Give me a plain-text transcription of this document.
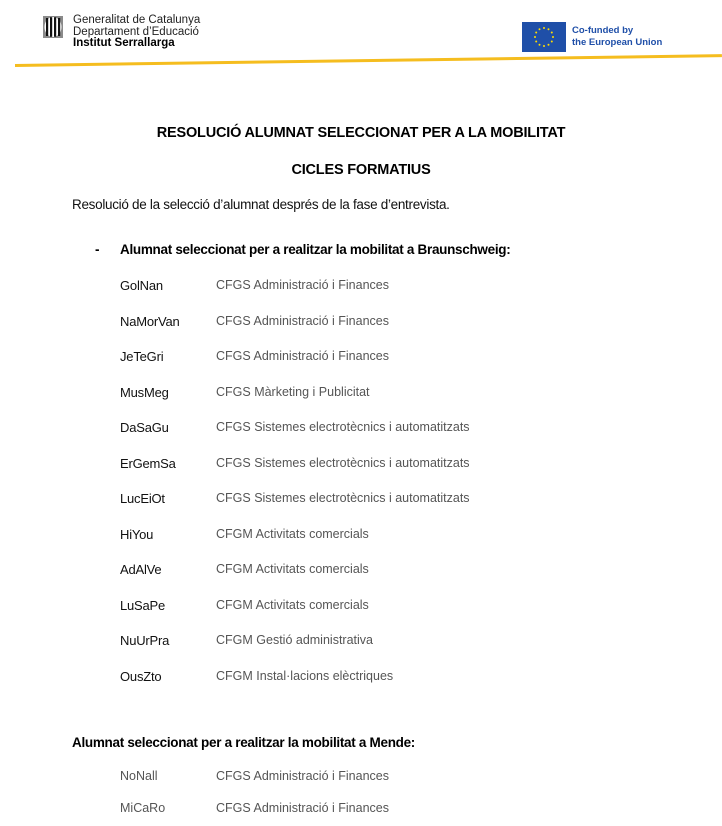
Generalitat de Catalunya
Departament d’Educació
Institut Serrallarga
Co-funded by
the European Union
RESOLUCIÓ ALUMNAT SELECCIONAT PER A LA MOBILITAT
CICLES FORMATIUS
Resolució de la selecció d’alumnat després de la fase d’entrevista.
- Alumnat seleccionat per a realitzar la mobilitat a Braunschweig:
GolNan	CFGS Administració i Finances
NaMorVan	CFGS Administració i Finances
JeTeGri	CFGS Administració i Finances
MusMeg	CFGS Màrketing i Publicitat
DaSaGu	CFGS Sistemes electrotècnics i automatitzats
ErGemSa	CFGS Sistemes electrotècnics i automatitzats
LucEiOt	CFGS Sistemes electrotècnics i automatitzats
HiYou	CFGM Activitats comercials
AdAlVe	CFGM Activitats comercials
LuSaPe	CFGM Activitats comercials
NuUrPra	CFGM Gestió administrativa
OusZto	CFGM Instal·lacions elèctriques
Alumnat seleccionat per a realitzar la mobilitat a Mende:
NoNall	CFGS Administració i Finances
MiCaRo	CFGS Administració i Finances
